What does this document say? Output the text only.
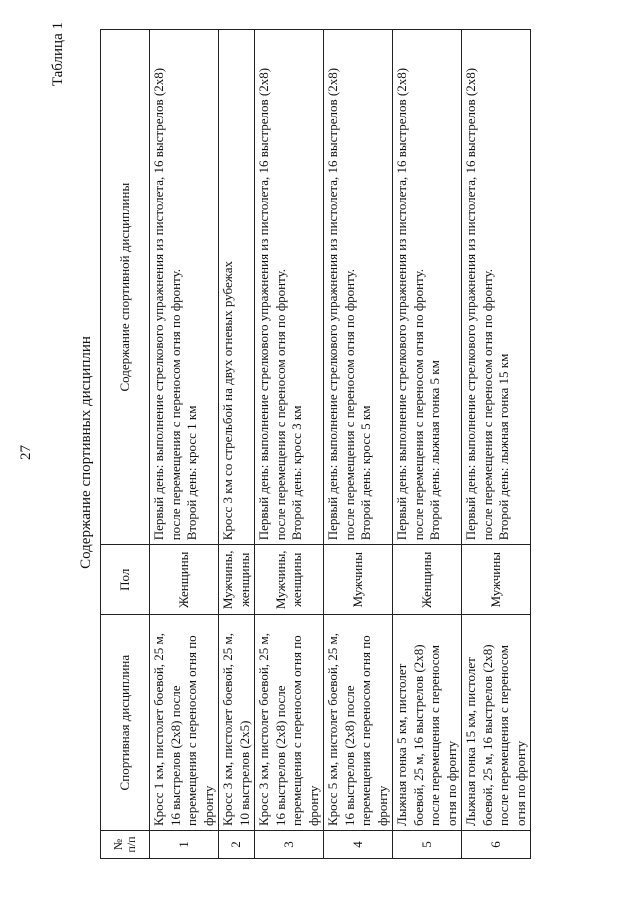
27
Таблица 1
Содержание спортивных дисциплин
№ п/п	Спортивная дисциплина	Пол	Содержание спортивной дисциплины
1	Кросс 1 км, пистолет боевой, 25 м, 16 выстрелов (2х8) после перемещения с переносом огня по фронту	Женщины	Первый день: выполнение стрелкового упражнения из пистолета, 16 выстрелов (2х8) после перемещения с переносом огня по фронту. Второй день: кросс 1 км

2	Кросс 3 км, пистолет боевой, 25 м, 10 выстрелов (2х5)	Мужчины, женщины	Кросс 3 км со стрельбой на двух огневых рубежах

3	Кросс 3 км, пистолет боевой, 25 м, 16 выстрелов (2х8) после перемещения с переносом огня по фронту	Мужчины, женщины	Первый день: выполнение стрелкового упражнения из пистолета, 16 выстрелов (2х8) после перемещения с переносом огня по фронту. Второй день: кросс 3 км

4	Кросс 5 км, пистолет боевой, 25 м, 16 выстрелов (2х8) после перемещения с переносом огня по фронту	Мужчины	Первый день: выполнение стрелкового упражнения из пистолета, 16 выстрелов (2х8) после перемещения с переносом огня по фронту. Второй день: кросс 5 км

5	Лыжная гонка 5 км, пистолет боевой, 25 м, 16 выстрелов (2х8) после перемещения с переносом огня по фронту	Женщины	Первый день: выполнение стрелкового упражнения из пистолета, 16 выстрелов (2х8) после перемещения с переносом огня по фронту. Второй день: лыжная гонка 5 км

6	Лыжная гонка 15 км, пистолет боевой, 25 м, 16 выстрелов (2х8) после перемещения с переносом огня по фронту	Мужчины	Первый день: выполнение стрелкового упражнения из пистолета, 16 выстрелов (2х8) после перемещения с переносом огня по фронту. Второй день: лыжная гонка 15 км
